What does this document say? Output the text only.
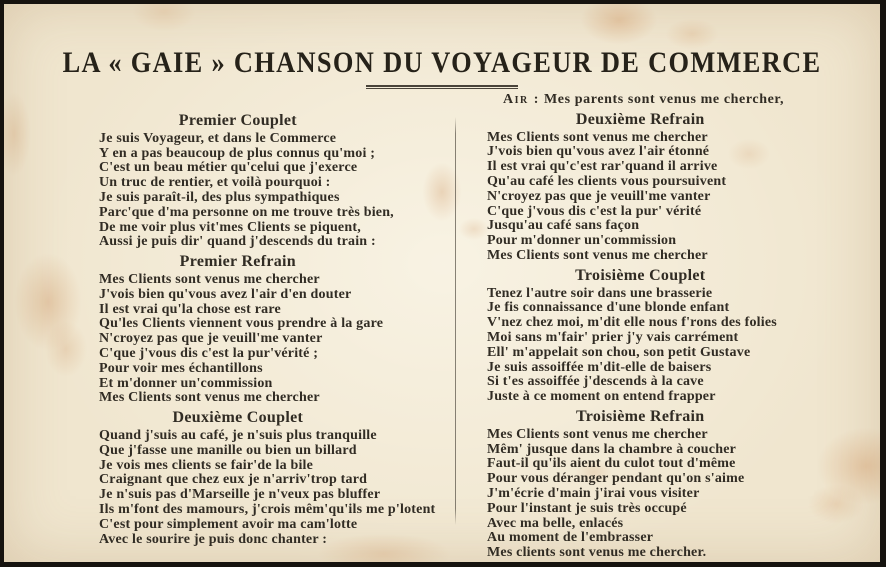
LA « GAIE » CHANSON DU VOYAGEUR DE COMMERCE
Premier Couplet
Je suis Voyageur, et dans le Commerce
Y en a pas beaucoup de plus connus qu'moi ;
C'est un beau métier qu'celui que j'exerce
Un truc de rentier, et voilà pourquoi :
Je suis paraît-il, des plus sympathiques
Parc'que d'ma personne on me trouve très bien,
De me voir plus vit'mes Clients se piquent,
Aussi je puis dir' quand j'descends du train :
Premier Refrain
Mes Clients sont venus me chercher
J'vois bien qu'vous avez l'air d'en douter
Il est vrai qu'la chose est rare
Qu'les Clients viennent vous prendre à la gare
N'croyez pas que je veuill'me vanter
C'que j'vous dis c'est la pur'vérité ;
Pour voir mes échantillons
Et m'donner un'commission
Mes Clients sont venus me chercher
Deuxième Couplet
Quand j'suis au café, je n'suis plus tranquille
Que j'fasse une manille ou bien un billard
Je vois mes clients se fair'de la bile
Craignant que chez eux je n'arriv'trop tard
Je n'suis pas d'Marseille je n'veux pas bluffer
Ils m'font des mamours, j'crois mêm'qu'ils me p'lotent
C'est pour simplement avoir ma cam'lotte
Avec le sourire je puis donc chanter :
Air : Mes parents sont venus me chercher,
Deuxième Refrain
Mes Clients sont venus me chercher
J'vois bien qu'vous avez l'air étonné
Il est vrai qu'c'est rar'quand il arrive
Qu'au café les clients vous poursuivent
N'croyez pas que je veuill'me vanter
C'que j'vous dis c'est la pur' vérité
Jusqu'au café sans façon
Pour m'donner un'commission
Mes Clients sont venus me chercher
Troisième Couplet
Tenez l'autre soir dans une brasserie
Je fis connaissance d'une blonde enfant
V'nez chez moi, m'dit elle nous f'rons des folies
Moi sans m'fair' prier j'y vais carrément
Ell' m'appelait son chou, son petit Gustave
Je suis assoiffée m'dit-elle de baisers
Si t'es assoiffée j'descends à la cave
Juste à ce moment on entend frapper
Troisième Refrain
Mes Clients sont venus me chercher
Mêm' jusque dans la chambre à coucher
Faut-il qu'ils aient du culot tout d'même
Pour vous déranger pendant qu'on s'aime
J'm'écrie d'main j'irai vous visiter
Pour l'instant je suis très occupé
Avec ma belle, enlacés
Au moment de l'embrasser
Mes clients sont venus me chercher.
